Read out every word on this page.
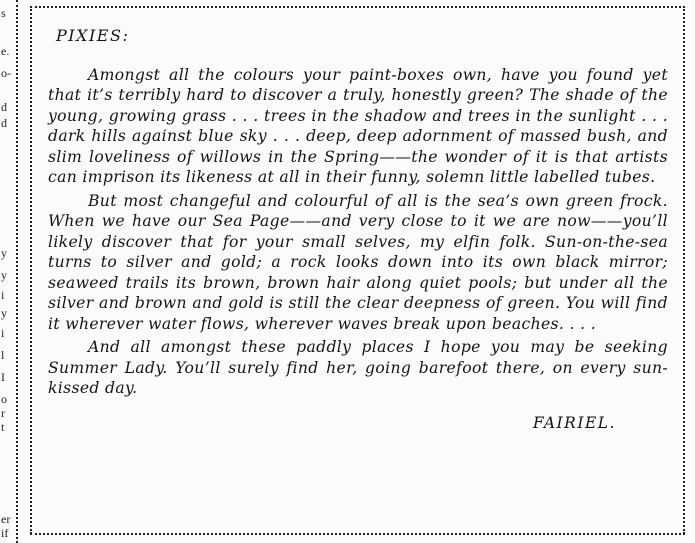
s
e.
o-
d
d
y
y
i
y
i
l
I
o
r
t
er
if
PIXIES:

Amongst all the colours your paint-boxes own, have you found yet that it’s terribly hard to discover a truly, honestly green? The shade of the young, growing grass . . . trees in the shadow and trees in the sunlight . . . dark hills against blue sky . . . deep, deep adornment of massed bush, and slim loveliness of willows in the Spring——the wonder of it is that artists can imprison its likeness at all in their funny, solemn little labelled tubes.

But most changeful and colourful of all is the sea’s own green frock. When we have our Sea Page——and very close to it we are now——you’ll likely discover that for your small selves, my elfin folk. Sun-on-the-sea turns to silver and gold; a rock looks down into its own black mirror; seaweed trails its brown, brown hair along quiet pools; but under all the silver and brown and gold is still the clear deepness of green. You will find it wherever water flows, wherever waves break upon beaches. . . .

And all amongst these paddly places I hope you may be seeking Summer Lady. You’ll surely find her, going barefoot there, on every sun-kissed day.

FAIRIEL.
